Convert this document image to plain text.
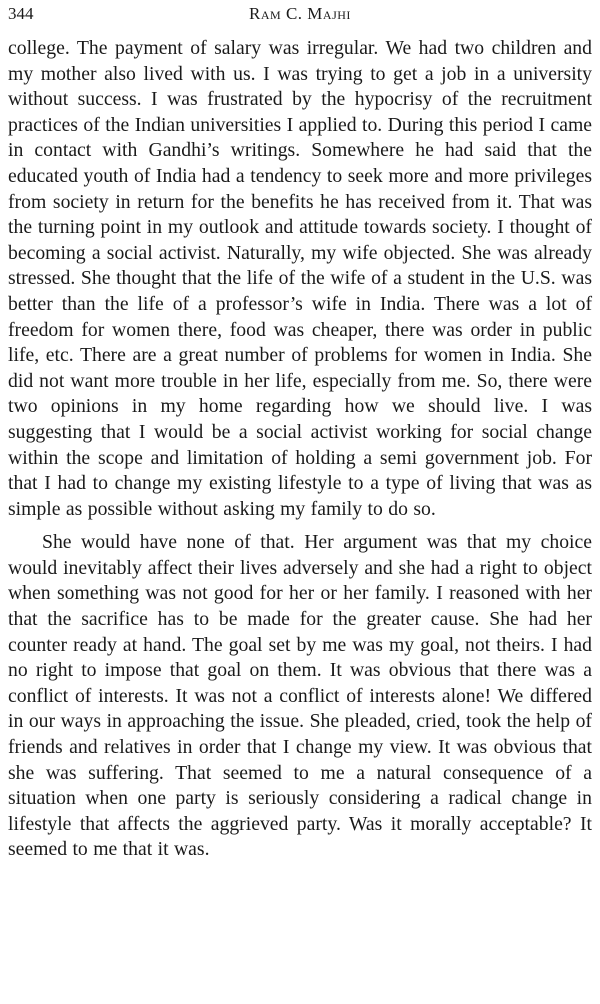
344	Ram C. Majhi

college. The payment of salary was irregular. We had two children and my mother also lived with us. I was trying to get a job in a university without success. I was frustrated by the hypocrisy of the recruitment practices of the Indian universities I applied to. During this period I came in contact with Gandhi’s writings. Somewhere he had said that the educated youth of India had a tendency to seek more and more privileges from society in return for the benefits he has received from it. That was the turning point in my outlook and attitude towards society. I thought of becoming a social activist. Naturally, my wife objected. She was already stressed. She thought that the life of the wife of a student in the U.S. was better than the life of a professor’s wife in India. There was a lot of freedom for women there, food was cheaper, there was order in public life, etc. There are a great number of problems for women in India. She did not want more trouble in her life, especially from me. So, there were two opinions in my home regarding how we should live. I was suggesting that I would be a social activist working for social change within the scope and limitation of holding a semi government job. For that I had to change my existing lifestyle to a type of living that was as simple as possible without asking my family to do so.

She would have none of that. Her argument was that my choice would inevitably affect their lives adversely and she had a right to object when something was not good for her or her family. I reasoned with her that the sacrifice has to be made for the greater cause. She had her counter ready at hand. The goal set by me was my goal, not theirs. I had no right to impose that goal on them. It was obvious that there was a conflict of interests. It was not a conflict of interests alone! We differed in our ways in approaching the issue. She pleaded, cried, took the help of friends and relatives in order that I change my view. It was obvious that she was suffering. That seemed to me a natural consequence of a situation when one party is seriously considering a radical change in lifestyle that affects the aggrieved party. Was it morally acceptable? It seemed to me that it was.
